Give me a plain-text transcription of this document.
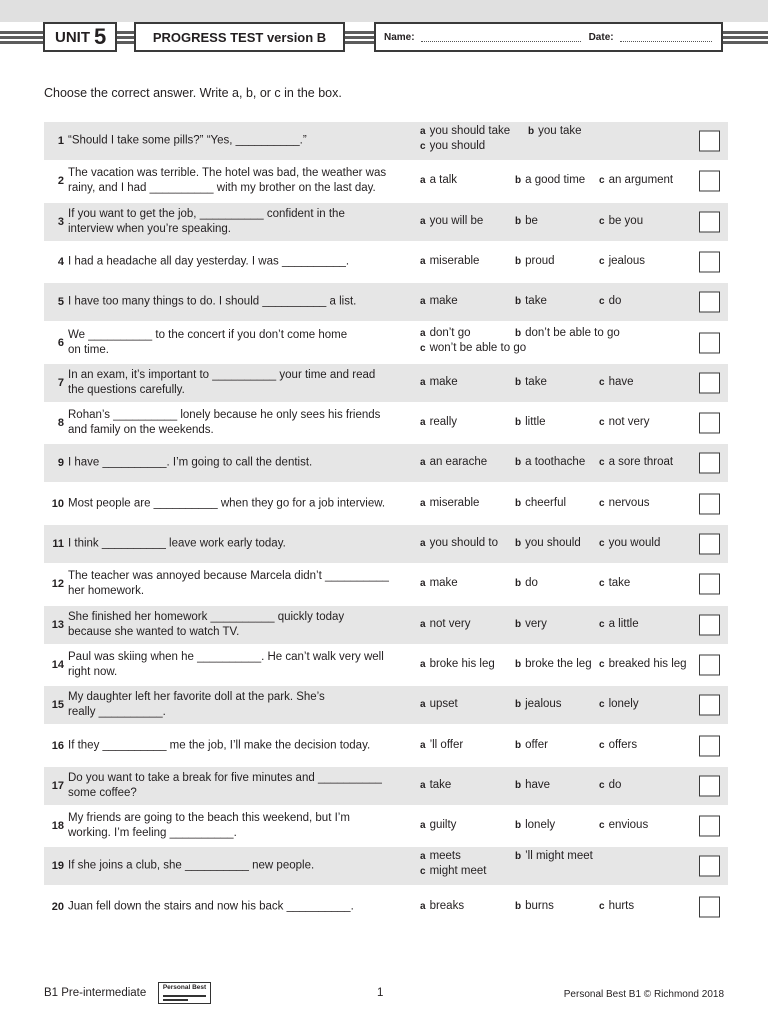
UNIT 5	PROGRESS TEST version B	Name:	Date:
Choose the correct answer. Write a, b, or c in the box.
1 “Should I take some pills?” “Yes, __________.”
a you should take b you take
c you should
2
The vacation was terrible. The hotel was bad, the weather was
rainy, and I had __________ with my brother on the last day.
a a talk	b a good time c an argument
3
If you want to get the job, __________ confident in the
interview when you’re speaking.
a you will be	b be	c be you
4 I had a headache all day yesterday. I was __________.	a miserable	b proud	c jealous
5 I have too many things to do. I should __________ a list.	a make	b take	c do
6
We __________ to the concert if you don’t come home
on time.
a don’t go	b don’t be able to go
c won’t be able to go
7
In an exam, it’s important to __________ your time and read
the questions carefully.
a make	b take	c have
8
Rohan’s __________ lonely because he only sees his friends
and family on the weekends.
a really	b little	c not very
9 I have __________. I’m going to call the dentist.	a an earache	b a toothache c a sore throat
10 Most people are __________ when they go for a job interview.	a miserable	b cheerful	c nervous
11 I think __________ leave work early today.	a you should to b you should c you would
12
The teacher was annoyed because Marcela didn’t __________
her homework.
a make	b do	c take
13
She finished her homework __________ quickly today
because she wanted to watch TV.
a not very	b very	c a little
14
Paul was skiing when he __________. He can’t walk very well
right now.
a broke his leg b broke the leg c breaked his leg
15
My daughter left her favorite doll at the park. She’s
really __________.
a upset	b jealous	c lonely
16 If they __________ me the job, I’ll make the decision today.	a ’ll offer	b offer	c offers
17
Do you want to take a break for five minutes and __________
some coffee?
a take	b have	c do
18
My friends are going to the beach this weekend, but I’m
working. I’m feeling __________.
a guilty	b lonely	c envious
19 If she joins a club, she __________ new people.
a meets	b ’ll might meet
c might meet
20 Juan fell down the stairs and now his back __________.	a breaks	b burns	c hurts
B1 Pre-intermediate	Personal Best	1	Personal Best B1 © Richmond 2018
